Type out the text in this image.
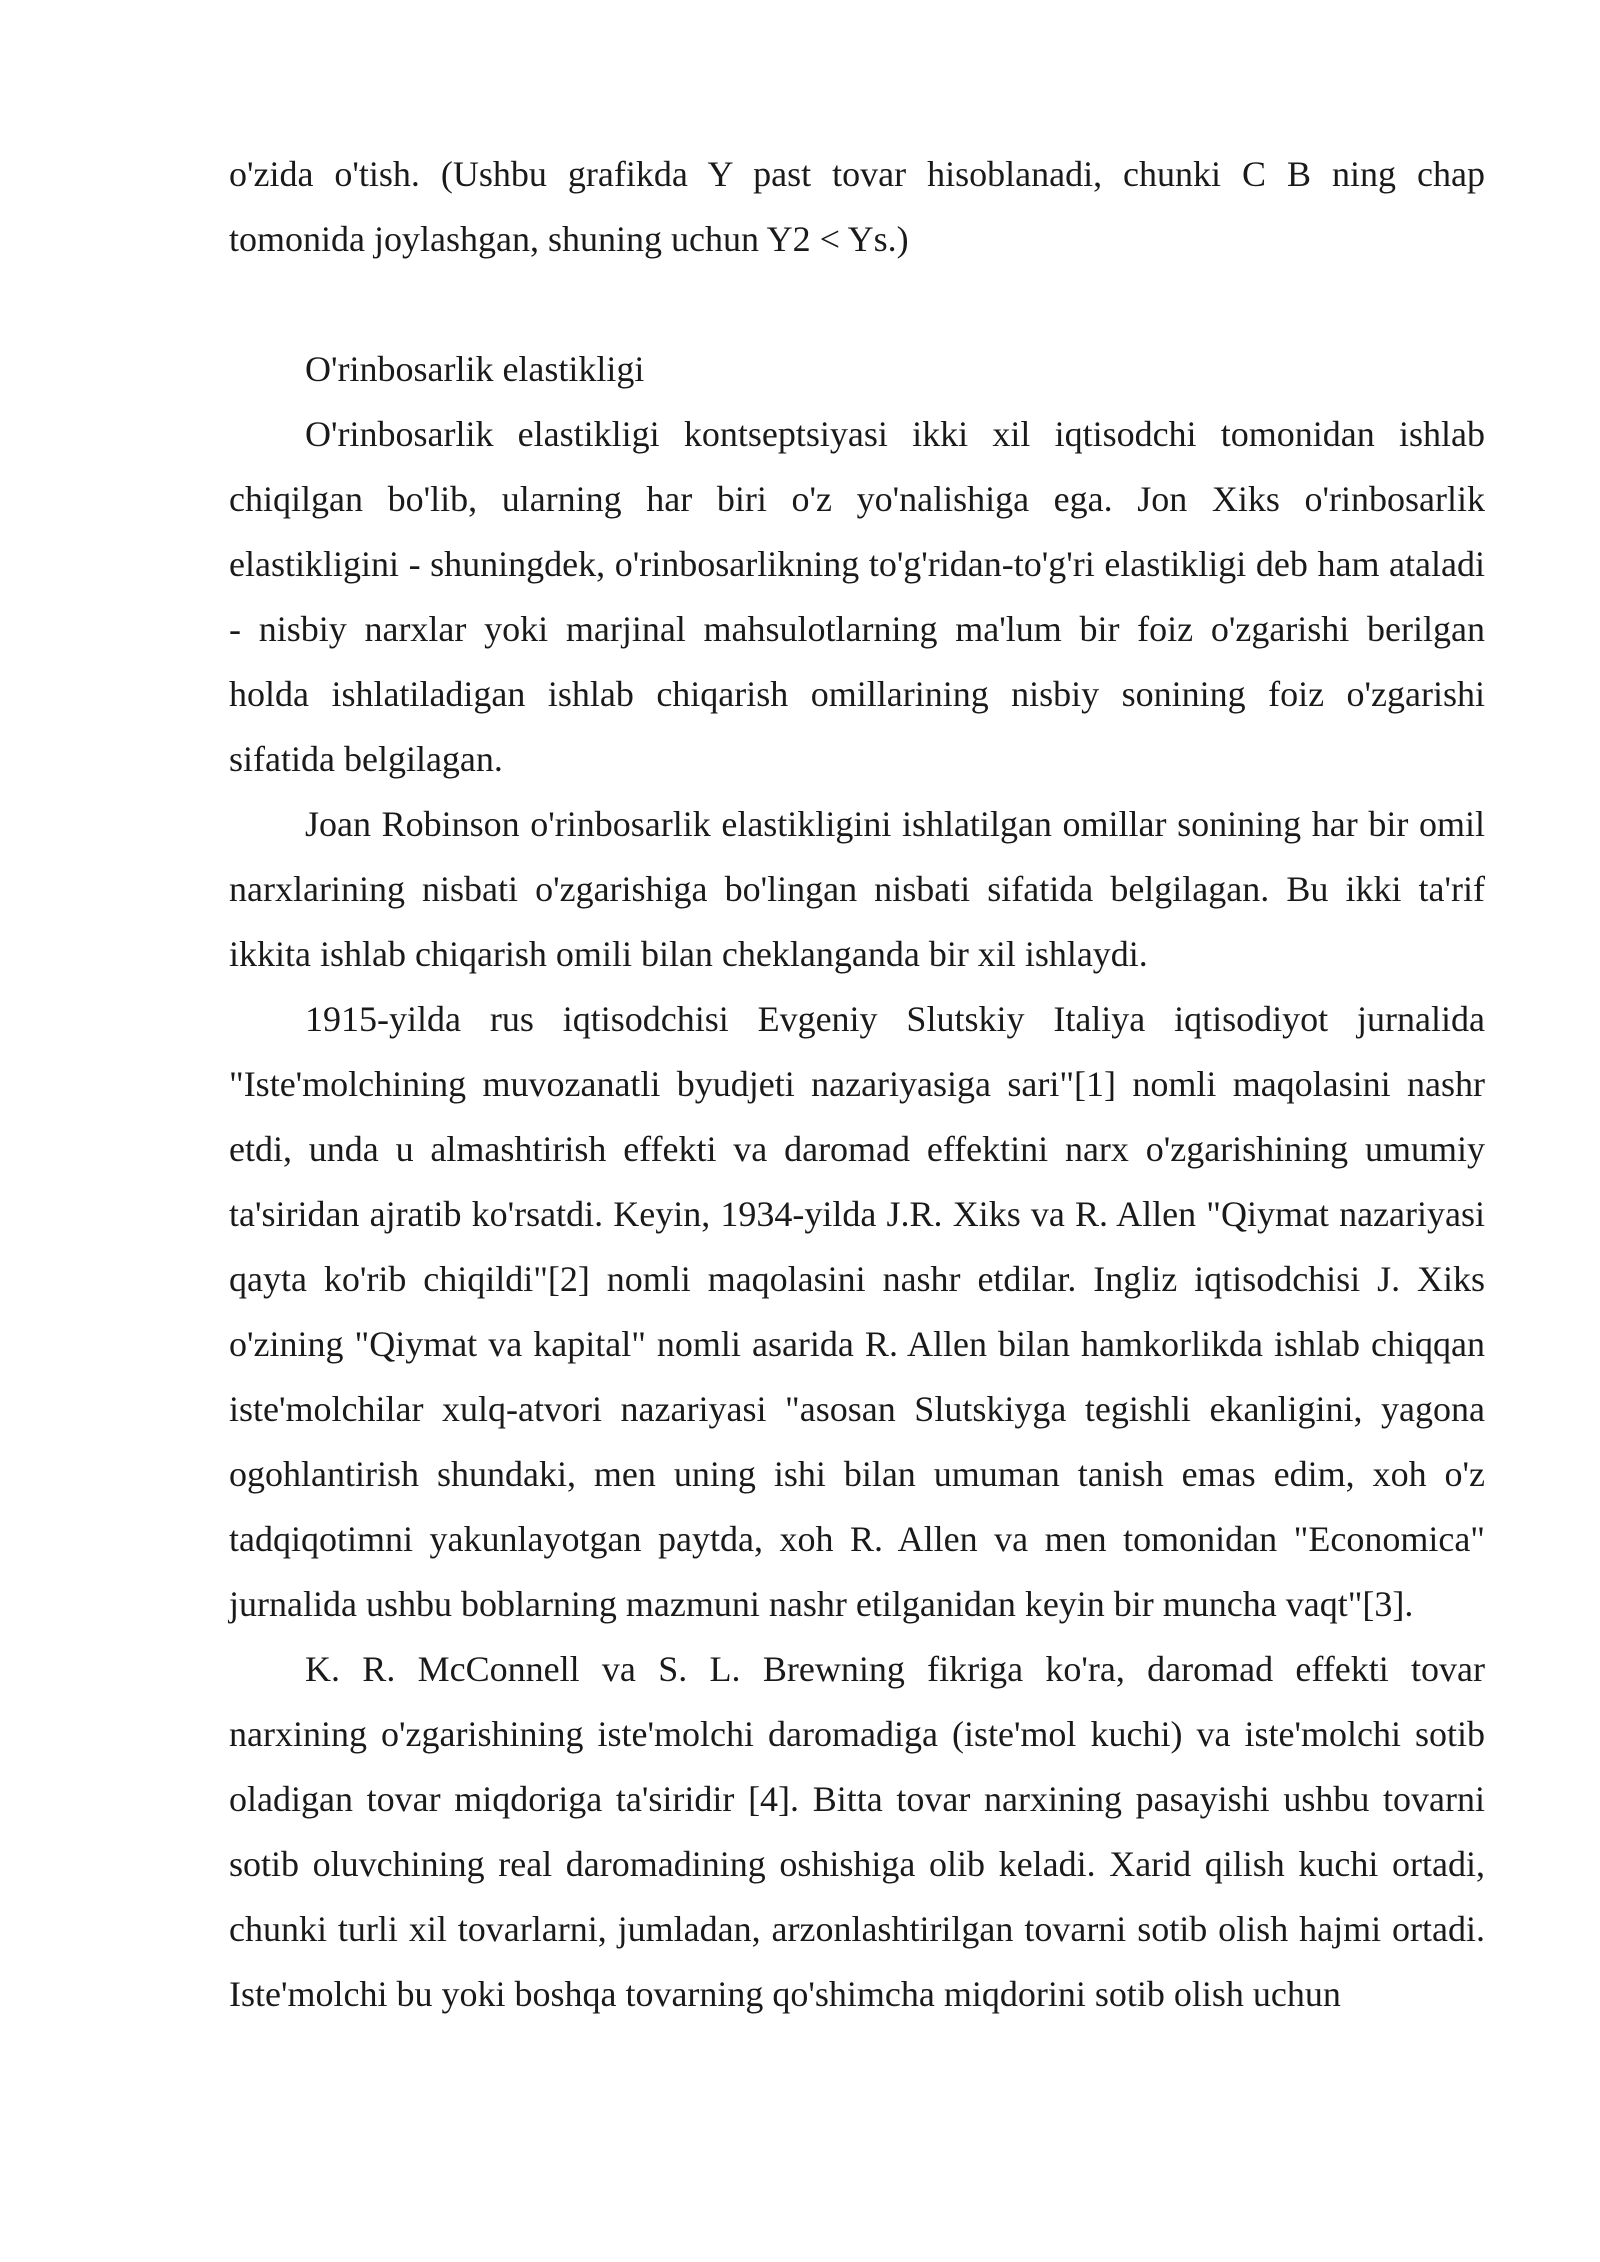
o'zida o'tish. (Ushbu grafikda Y past tovar hisoblanadi, chunki C B ning chap tomonida joylashgan, shuning uchun Y2 < Ys.)

O'rinbosarlik elastikligi

O'rinbosarlik elastikligi kontseptsiyasi ikki xil iqtisodchi tomonidan ishlab chiqilgan bo'lib, ularning har biri o'z yo'nalishiga ega. Jon Xiks o'rinbosarlik elastikligini - shuningdek, o'rinbosarlikning to'g'ridan-to'g'ri elastikligi deb ham ataladi - nisbiy narxlar yoki marjinal mahsulotlarning ma'lum bir foiz o'zgarishi berilgan holda ishlatiladigan ishlab chiqarish omillarining nisbiy sonining foiz o'zgarishi sifatida belgilagan.

Joan Robinson o'rinbosarlik elastikligini ishlatilgan omillar sonining har bir omil narxlarining nisbati o'zgarishiga bo'lingan nisbati sifatida belgilagan. Bu ikki ta'rif ikkita ishlab chiqarish omili bilan cheklanganda bir xil ishlaydi.

1915-yilda rus iqtisodchisi Evgeniy Slutskiy Italiya iqtisodiyot jurnalida "Iste'molchining muvozanatli byudjeti nazariyasiga sari"[1] nomli maqolasini nashr etdi, unda u almashtirish effekti va daromad effektini narx o'zgarishining umumiy ta'siridan ajratib ko'rsatdi. Keyin, 1934-yilda J.R. Xiks va R. Allen "Qiymat nazariyasi qayta ko'rib chiqildi"[2] nomli maqolasini nashr etdilar. Ingliz iqtisodchisi J. Xiks o'zining "Qiymat va kapital" nomli asarida R. Allen bilan hamkorlikda ishlab chiqqan iste'molchilar xulq-atvori nazariyasi "asosan Slutskiyga tegishli ekanligini, yagona ogohlantirish shundaki, men uning ishi bilan umuman tanish emas edim, xoh o'z tadqiqotimni yakunlayotgan paytda, xoh R. Allen va men tomonidan "Economica" jurnalida ushbu boblarning mazmuni nashr etilganidan keyin bir muncha vaqt"[3].

K. R. McConnell va S. L. Brewning fikriga ko'ra, daromad effekti tovar narxining o'zgarishining iste'molchi daromadiga (iste'mol kuchi) va iste'molchi sotib oladigan tovar miqdoriga ta'siridir [4]. Bitta tovar narxining pasayishi ushbu tovarni sotib oluvchining real daromadining oshishiga olib keladi. Xarid qilish kuchi ortadi, chunki turli xil tovarlarni, jumladan, arzonlashtirilgan tovarni sotib olish hajmi ortadi. Iste'molchi bu yoki boshqa tovarning qo'shimcha miqdorini sotib olish uchun
